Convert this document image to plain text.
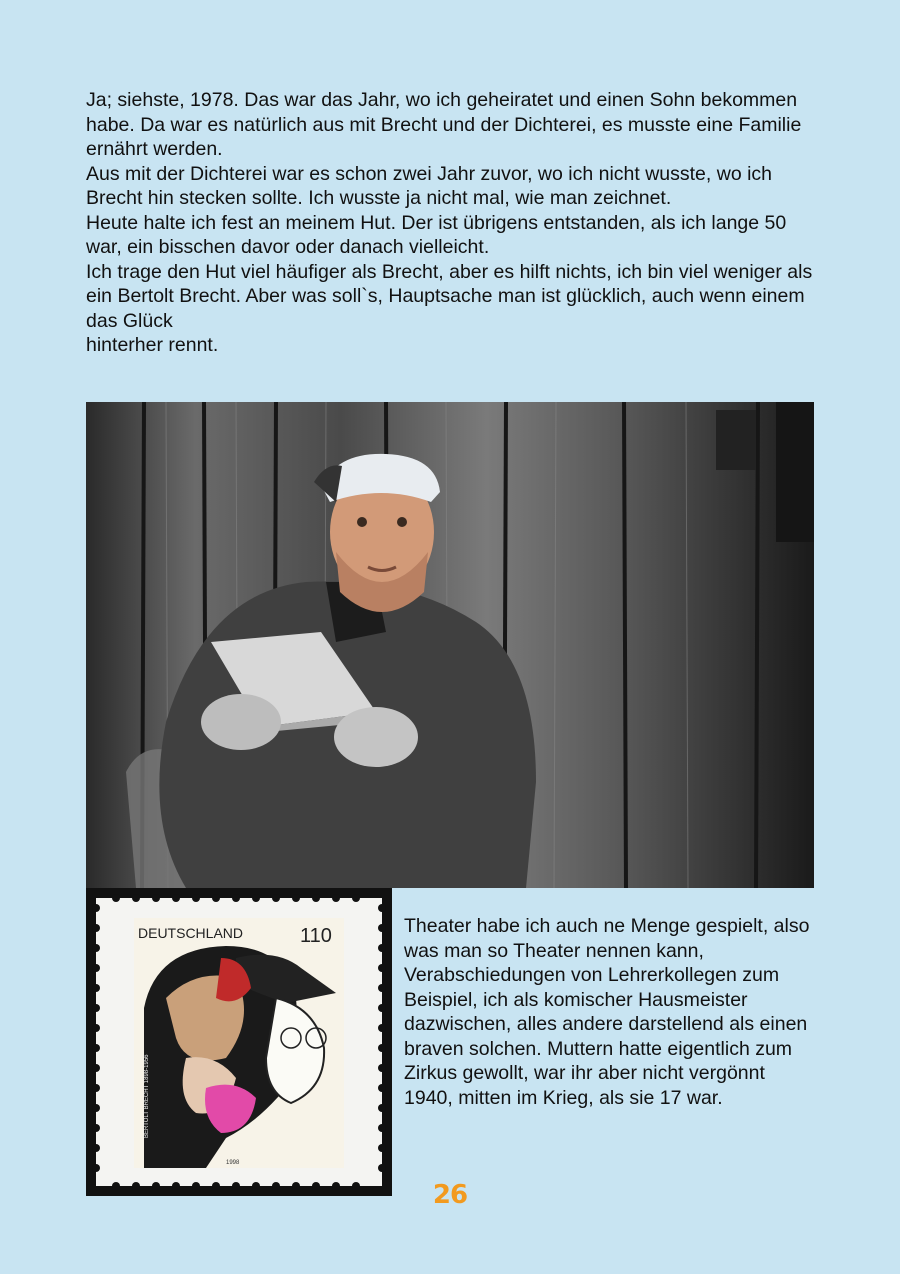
Ja; siehste, 1978. Das war das Jahr, wo ich geheiratet und einen Sohn bekommen habe. Da war es natürlich aus mit Brecht und der Dichterei, es musste eine Familie ernährt werden.

Aus mit der Dichterei war es schon zwei Jahr zuvor, wo ich nicht wusste, wo ich Brecht hin stecken sollte. Ich wusste ja nicht mal, wie man zeichnet.

Heute halte ich fest an meinem Hut. Der ist übrigens entstanden, als ich lange 50 war, ein bisschen davor oder danach vielleicht.

Ich trage den Hut viel häufiger als Brecht, aber es hilft nichts, ich bin viel weniger als ein Bertolt Brecht. Aber was soll`s, Hauptsache man ist glücklich, auch wenn einem das Glück

hinterher rennt.

DEUTSCHLAND	110
BERTOLT BRECHT 1898-1956
1998
Theater habe ich auch ne Menge gespielt, also was man so Theater nennen kann, Verabschiedungen von Lehrerkollegen zum Beispiel, ich als komischer Hausmeister dazwischen, alles andere darstellend als einen braven solchen. Muttern hatte eigentlich zum Zirkus gewollt, war ihr aber nicht vergönnt 1940, mitten im Krieg, als sie 17 war.
26
